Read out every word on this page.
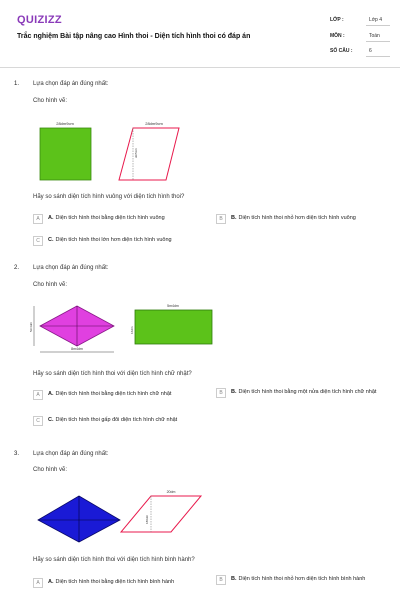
QUIZIZZ
Trắc nghiệm Bài tập nâng cao Hình thoi - Diện tích hình thoi có đáp án
LỚP :	Lớp 4
MÔN :	Toán
SỐ CÂU :	6
1. Lựa chọn đáp án đúng nhất:
Cho hình vẽ:
28dm9cm	28dm9cm
dm5cm
Hãy so sánh diện tích hình vuông với diện tích hình thoi?
A	A. Diện tích hình thoi bằng diện tích hình vuông	B	B. Diện tích hình thoi nhỏ hơn diện tích hình vuông
C	C. Diện tích hình thoi lớn hơn diện tích hình vuông
2. Lựa chọn đáp án đúng nhất:
Cho hình vẽ:
5m4dm
8m4dm
5m4dm
16dm
Hãy so sánh diện tích hình thoi với diện tích hình chữ nhật?
A	A. Diện tích hình thoi bằng diện tích hình chữ nhật	B	B. Diện tích hình thoi bằng một nửa diện tích hình chữ nhật
C	C. Diện tích hình thoi gấp đôi diện tích hình chữ nhật
3. Lựa chọn đáp án đúng nhất:
Cho hình vẽ:
20dm
180dm
Hãy so sánh diện tích hình thoi với diện tích hình bình hành?
A	A. Diện tích hình thoi bằng diện tích hình bình hành	B	B. Diện tích hình thoi nhỏ hơn diện tích hình bình hành
